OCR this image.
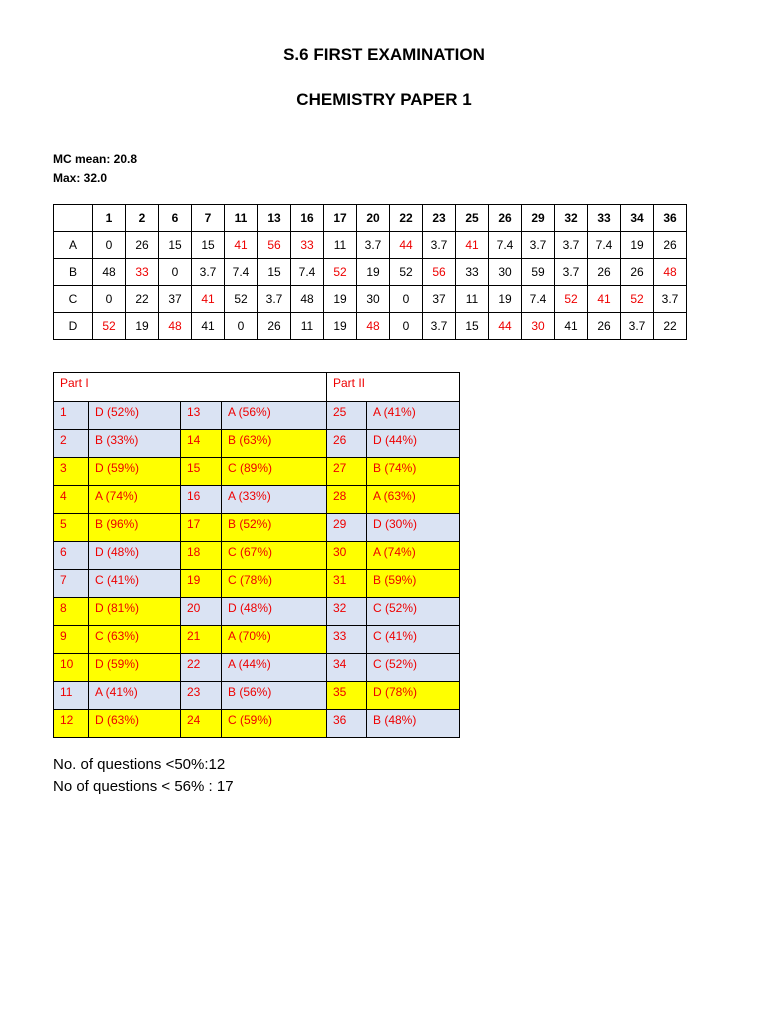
S.6 FIRST EXAMINATION
CHEMISTRY PAPER 1
MC mean: 20.8
Max: 32.0
	1	2	6	7	11	13	16	17	20	22	23	25	26	29	32	33	34	36
A	0	26	15	15	41	56	33	11	3.7	44	3.7	41	7.4	3.7	3.7	7.4	19	26
B	48	33	0	3.7	7.4	15	7.4	52	19	52	56	33	30	59	3.7	26	26	48
C	0	22	37	41	52	3.7	48	19	30	0	37	11	19	7.4	52	41	52	3.7
D	52	19	48	41	0	26	11	19	48	0	3.7	15	44	30	41	26	3.7	22
Part I				Part II	
1	D (52%)	13	A (56%)	25	A (41%)
2	B (33%)	14	B (63%)	26	D (44%)
3	D (59%)	15	C (89%)	27	B (74%)
4	A (74%)	16	A (33%)	28	A (63%)
5	B (96%)	17	B (52%)	29	D (30%)
6	D (48%)	18	C (67%)	30	A (74%)
7	C (41%)	19	C (78%)	31	B (59%)
8	D (81%)	20	D (48%)	32	C (52%)
9	C (63%)	21	A (70%)	33	C (41%)
10	D (59%)	22	A (44%)	34	C (52%)
11	A (41%)	23	B (56%)	35	D (78%)
12	D (63%)	24	C (59%)	36	B (48%)
No. of questions <50%:12
No of questions < 56% : 17
